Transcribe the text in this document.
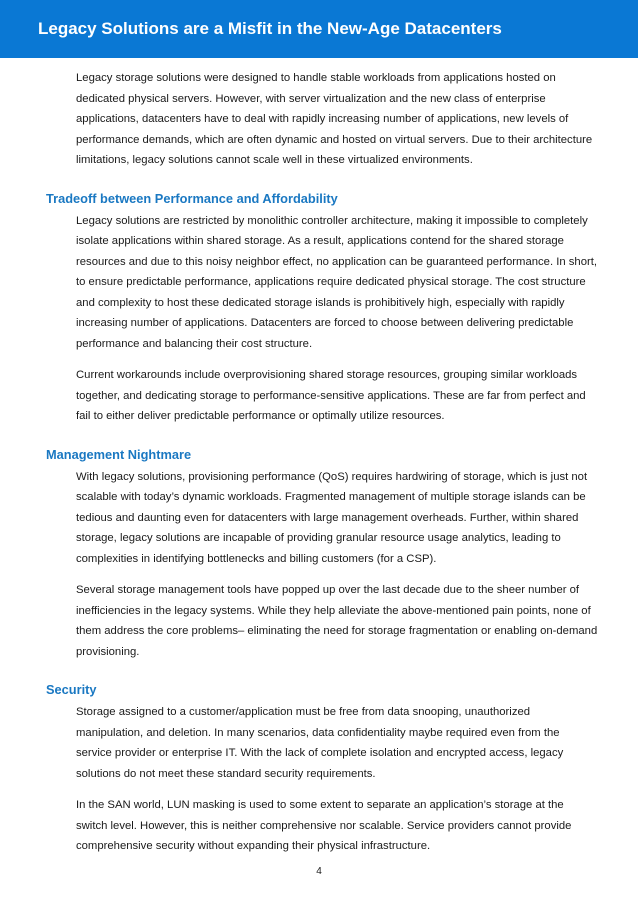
Legacy Solutions are a Misfit in the New-Age Datacenters

Legacy storage solutions were designed to handle stable workloads from applications hosted on dedicated physical servers. However, with server virtualization and the new class of enterprise applications, datacenters have to deal with rapidly increasing number of applications, new levels of performance demands, which are often dynamic and hosted on virtual servers. Due to their architecture limitations, legacy solutions cannot scale well in these virtualized environments.

Tradeoff between Performance and Affordability

Legacy solutions are restricted by monolithic controller architecture, making it impossible to completely isolate applications within shared storage. As a result, applications contend for the shared storage resources and due to this noisy neighbor effect, no application can be guaranteed performance. In short, to ensure predictable performance, applications require dedicated physical storage. The cost structure and complexity to host these dedicated storage islands is prohibitively high, especially with rapidly increasing number of applications. Datacenters are forced to choose between delivering predictable performance and balancing their cost structure.

Current workarounds include overprovisioning shared storage resources, grouping similar workloads together, and dedicating storage to performance-sensitive applications. These are far from perfect and fail to either deliver predictable performance or optimally utilize resources.

Management Nightmare

With legacy solutions, provisioning performance (QoS) requires hardwiring of storage, which is just not scalable with today’s dynamic workloads. Fragmented management of multiple storage islands can be tedious and daunting even for datacenters with large management overheads. Further, within shared storage, legacy solutions are incapable of providing granular resource usage analytics, leading to complexities in identifying bottlenecks and billing customers (for a CSP).

Several storage management tools have popped up over the last decade due to the sheer number of inefficiencies in the legacy systems. While they help alleviate the above-mentioned pain points, none of them address the core problems– eliminating the need for storage fragmentation or enabling on-demand provisioning.

Security

Storage assigned to a customer/application must be free from data snooping, unauthorized manipulation, and deletion. In many scenarios, data confidentiality maybe required even from the service provider or enterprise IT. With the lack of complete isolation and encrypted access, legacy solutions do not meet these standard security requirements.

In the SAN world, LUN masking is used to some extent to separate an application’s storage at the switch level. However, this is neither comprehensive nor scalable. Service providers cannot provide comprehensive security without expanding their physical infrastructure.

4
